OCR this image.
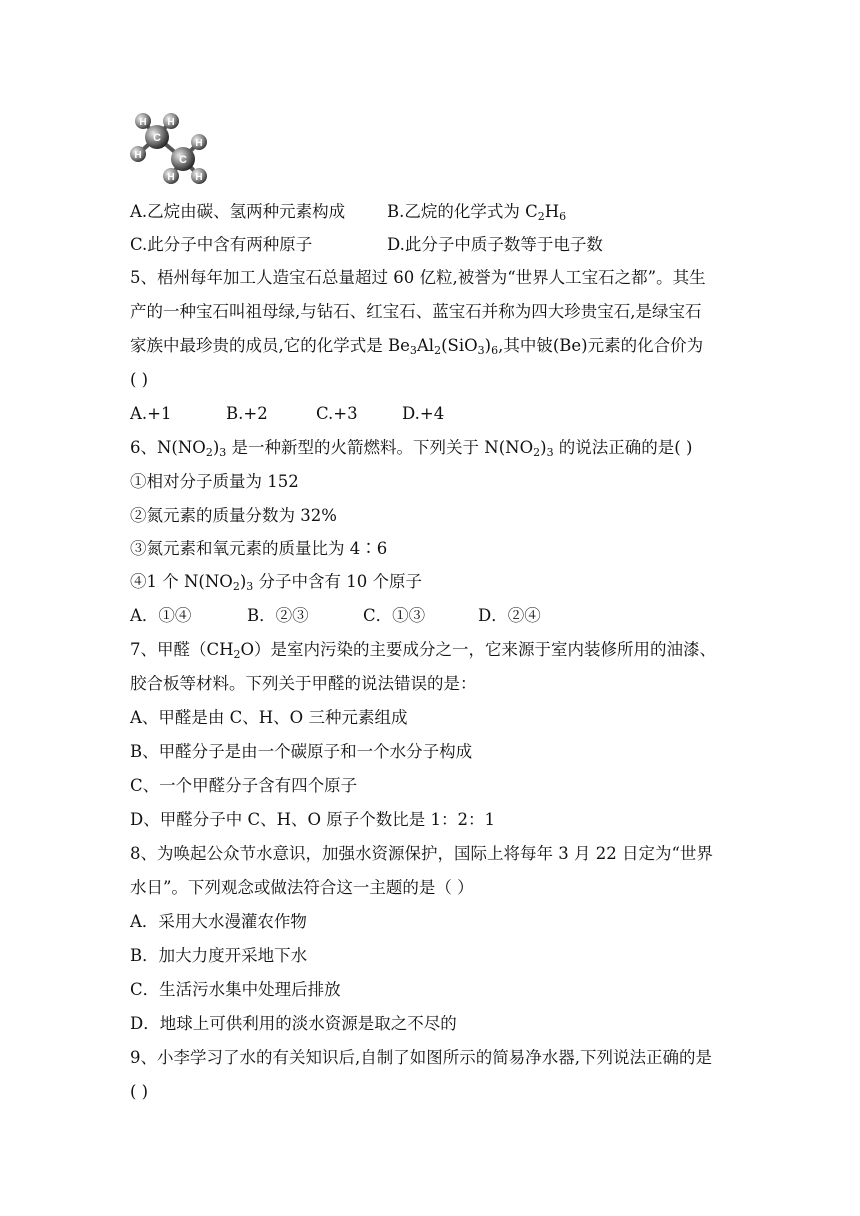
H H
H
H
H H
C
C
A.乙烷由碳、氢两种元素构成	B.乙烷的化学式为 $C_2H_6$
C.此分子中含有两种原子	D.此分子中质子数等于电子数
5、梧州每年加工人造宝石总量超过 60 亿粒,被誉为“世界人工宝石之都”。其生
产的一种宝石叫祖母绿,与钻石、红宝石、蓝宝石并称为四大珍贵宝石,是绿宝石
家族中最珍贵的成员,它的化学式是 $Be_3Al_2(SiO_3)_6$,其中铍(Be)元素的化合价为
( )
A.+1	B.+2	C.+3	D.+4
6、$N(NO_2)_3$ 是一种新型的火箭燃料。下列关于 $N(NO_2)_3$ 的说法正确的是( )
①相对分子质量为 152
②氮元素的质量分数为 32%
③氮元素和氧元素的质量比为 4∶6
④1 个 $N(NO_2)_3$ 分子中含有 10 个原子
A．①④	B．②③	C．①③	D．②④
7、甲醛$(CH_2O)$是室内污染的主要成分之一，它来源于室内装修所用的油漆、
胶合板等材料。下列关于甲醛的说法错误的是：
A、甲醛是由 C、H、O 三种元素组成
B、甲醛分子是由一个碳原子和一个水分子构成
C、一个甲醛分子含有四个原子
D、甲醛分子中 C、H、O 原子个数比是 1：2：1
8、为唤起公众节水意识，加强水资源保护，国际上将每年 3 月 22 日定为“世界
水日”。下列观念或做法符合这一主题的是（ ）
A．采用大水漫灌农作物
B．加大力度开采地下水
C．生活污水集中处理后排放
D．地球上可供利用的淡水资源是取之不尽的
9、小李学习了水的有关知识后,自制了如图所示的简易净水器,下列说法正确的是
( )
